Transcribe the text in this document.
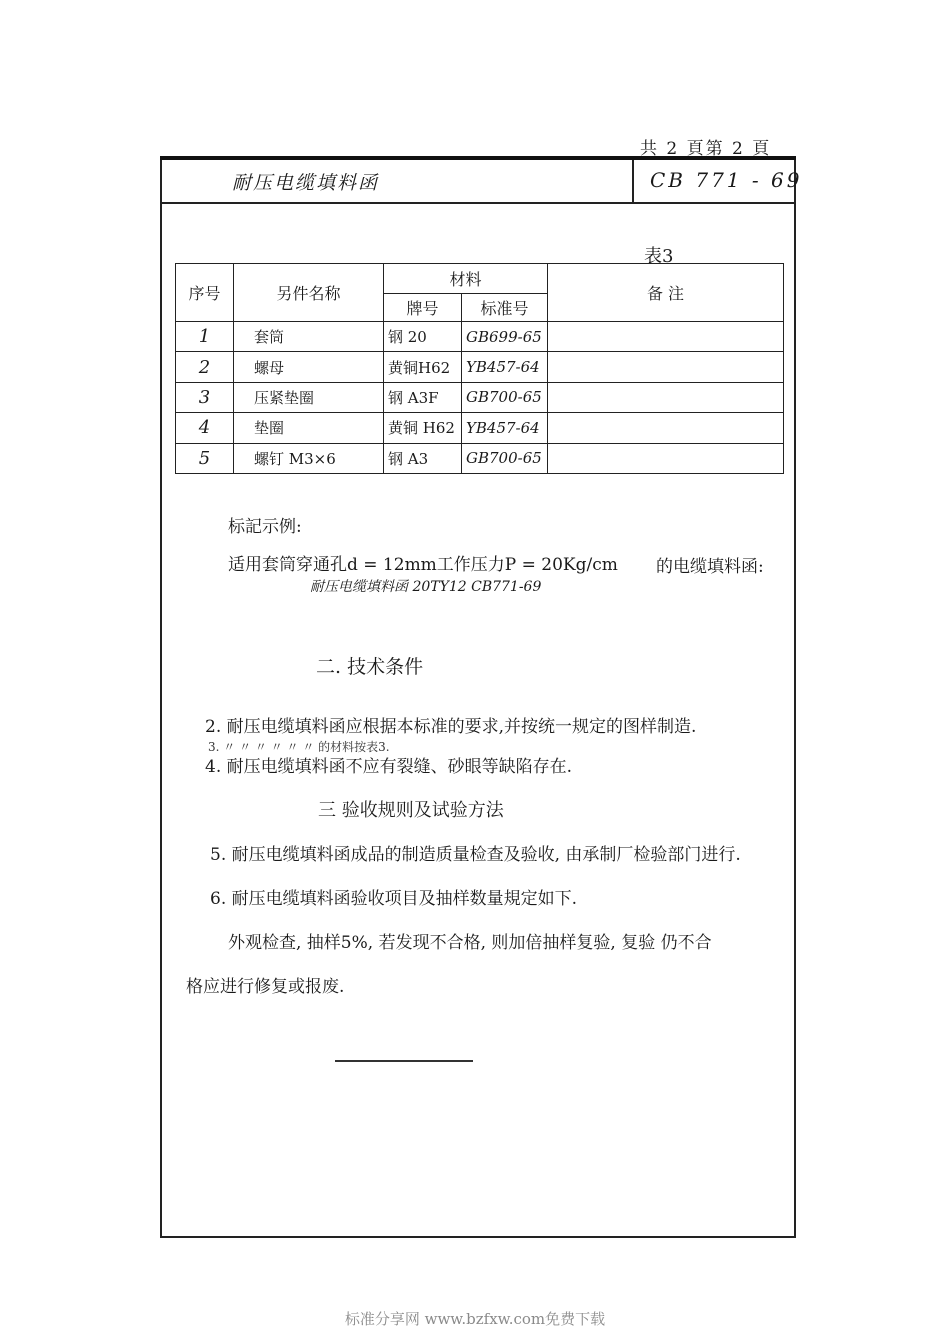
共 2 頁第 2 頁
耐压电缆填料函	CB 771 - 69
表3
序号	另件名称	材料		备 注
		牌号	标准号	
1	套筒	钢 20	GB699-65	
2	螺母	黄铜H62	YB457-64	
3	压紧垫圈	钢 A3F	GB700-65	
4	垫圈	黄铜 H62	YB457-64	
5	螺钉 M3×6	钢 A3	GB700-65	
标記示例:
适用套筒穿通孔d = 12mm工作压力P = 20Kg/cm 的电缆填料函:
耐压电缆填料函 20TY12 CB771-69
二. 技术条件
2. 耐压电缆填料函应根据本标准的要求,并按统一规定的图样制造.
3. 〃 〃 〃 〃 〃 〃 的材料按表3.
4. 耐压电缆填料函不应有裂缝、砂眼等缺陷存在.
三 验收规则及试验方法
5. 耐压电缆填料函成品的制造质量检查及验收, 由承制厂检验部门进行.
6. 耐压电缆填料函验收项目及抽样数量規定如下.
外观检查, 抽样5%, 若发现不合格, 则加倍抽样复验, 复验 仍不合
格应进行修复或报废.
标准分享网 www.bzfxw.com免费下载
